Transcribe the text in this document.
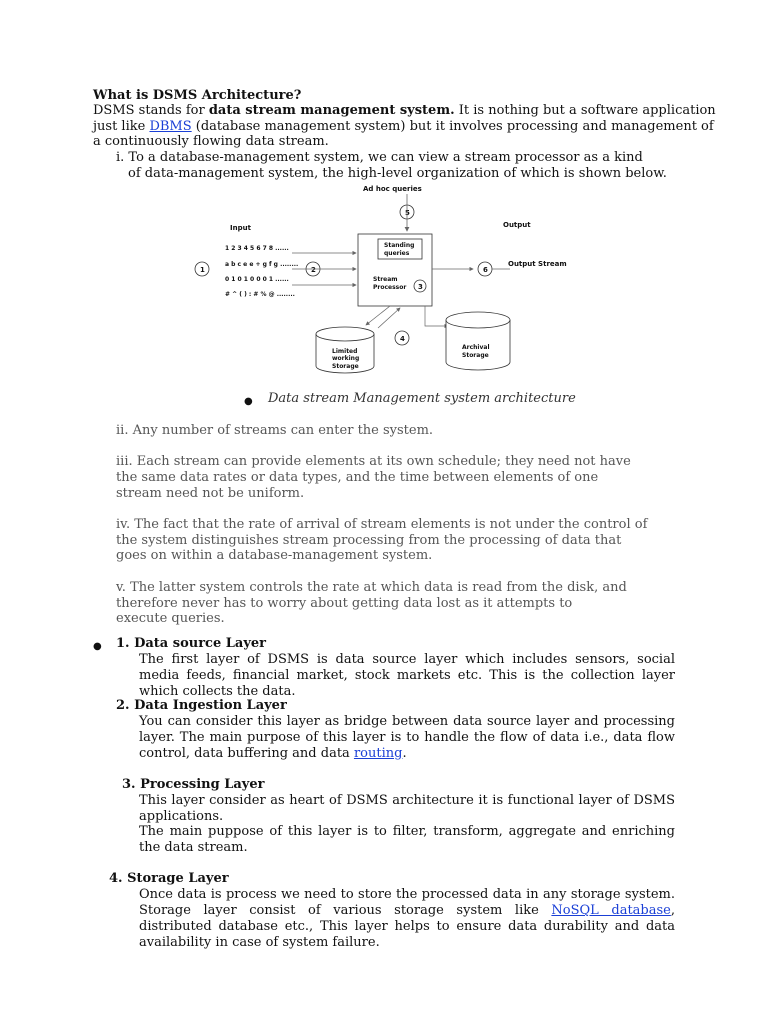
What is DSMS Architecture?
DSMS stands for data stream management system. It is nothing but a software application
just like DBMS (database management system) but it involves processing and management of
a continuously flowing data stream.
i. To a database-management system, we can view a stream processor as a kind
of data-management system, the high-level organization of which is shown below.
Ad hoc queries
5
Input	Output
1 2 3 4 5 6 7 8 ......
a b c e e + g f g ........
0 1 0 1 0 0 0 1 ......
# ^ ( ) : # % @ ........
1	2
Standing
queries
Stream
Processor 3
6
Output Stream
4
Limited
working
Storage
Archival
Storage
● Data stream Management system architecture
ii. Any number of streams can enter the system.
iii. Each stream can provide elements at its own schedule; they need not have
the same data rates or data types, and the time between elements of one
stream need not be uniform.
iv. The fact that the rate of arrival of stream elements is not under the control of
the system distinguishes stream processing from the processing of data that
goes on within a database-management system.
v. The latter system controls the rate at which data is read from the disk, and
therefore never has to worry about getting data lost as it attempts to
execute queries.
● 1. Data source Layer
The first layer of DSMS is data source layer which includes sensors, social media feeds, financial market, stock markets etc. This is the collection layer which collects the data.
2. Data Ingestion Layer
You can consider this layer as bridge between data source layer and processing layer. The main purpose of this layer is to handle the flow of data i.e., data flow control, data buffering and data routing.
3. Processing Layer
This layer consider as heart of DSMS architecture it is functional layer of DSMS applications.
The main puppose of this layer is to filter, transform, aggregate and enriching the data stream.
4. Storage Layer
Once data is process we need to store the processed data in any storage system. Storage layer consist of various storage system like NoSQL database, distributed database etc., This layer helps to ensure data durability and data availability in case of system failure.
